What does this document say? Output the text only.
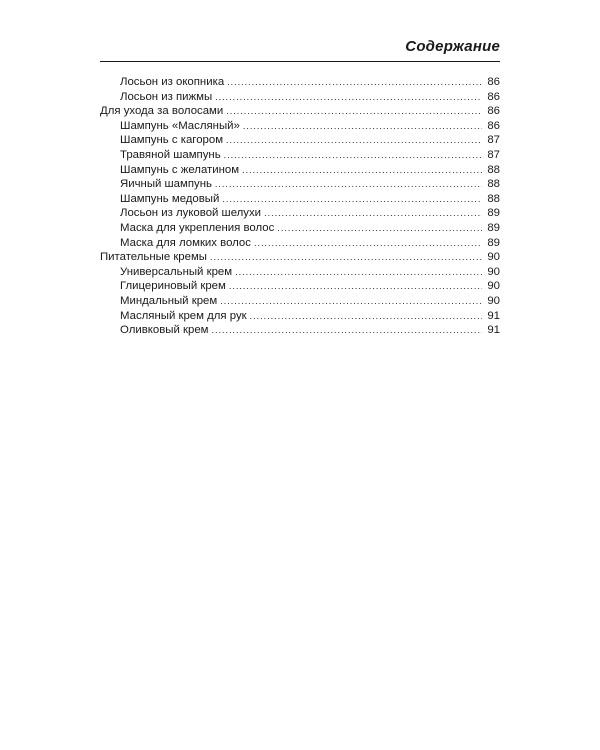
Содержание
Лосьон из окопника .....	86
Лосьон из пижмы .....	86
Для ухода за волосами .....	86
Шампунь «Масляный» .....	86
Шампунь с кагором .....	87
Травяной шампунь .....	87
Шампунь с желатином .....	88
Яичный шампунь .....	88
Шампунь медовый .....	88
Лосьон из луковой шелухи .....	89
Маска для укрепления волос .....	89
Маска для ломких волос .....	89
Питательные кремы .....	90
Универсальный крем .....	90
Глицериновый крем .....	90
Миндальный крем .....	90
Масляный крем для рук .....	91
Оливковый крем .....	91
